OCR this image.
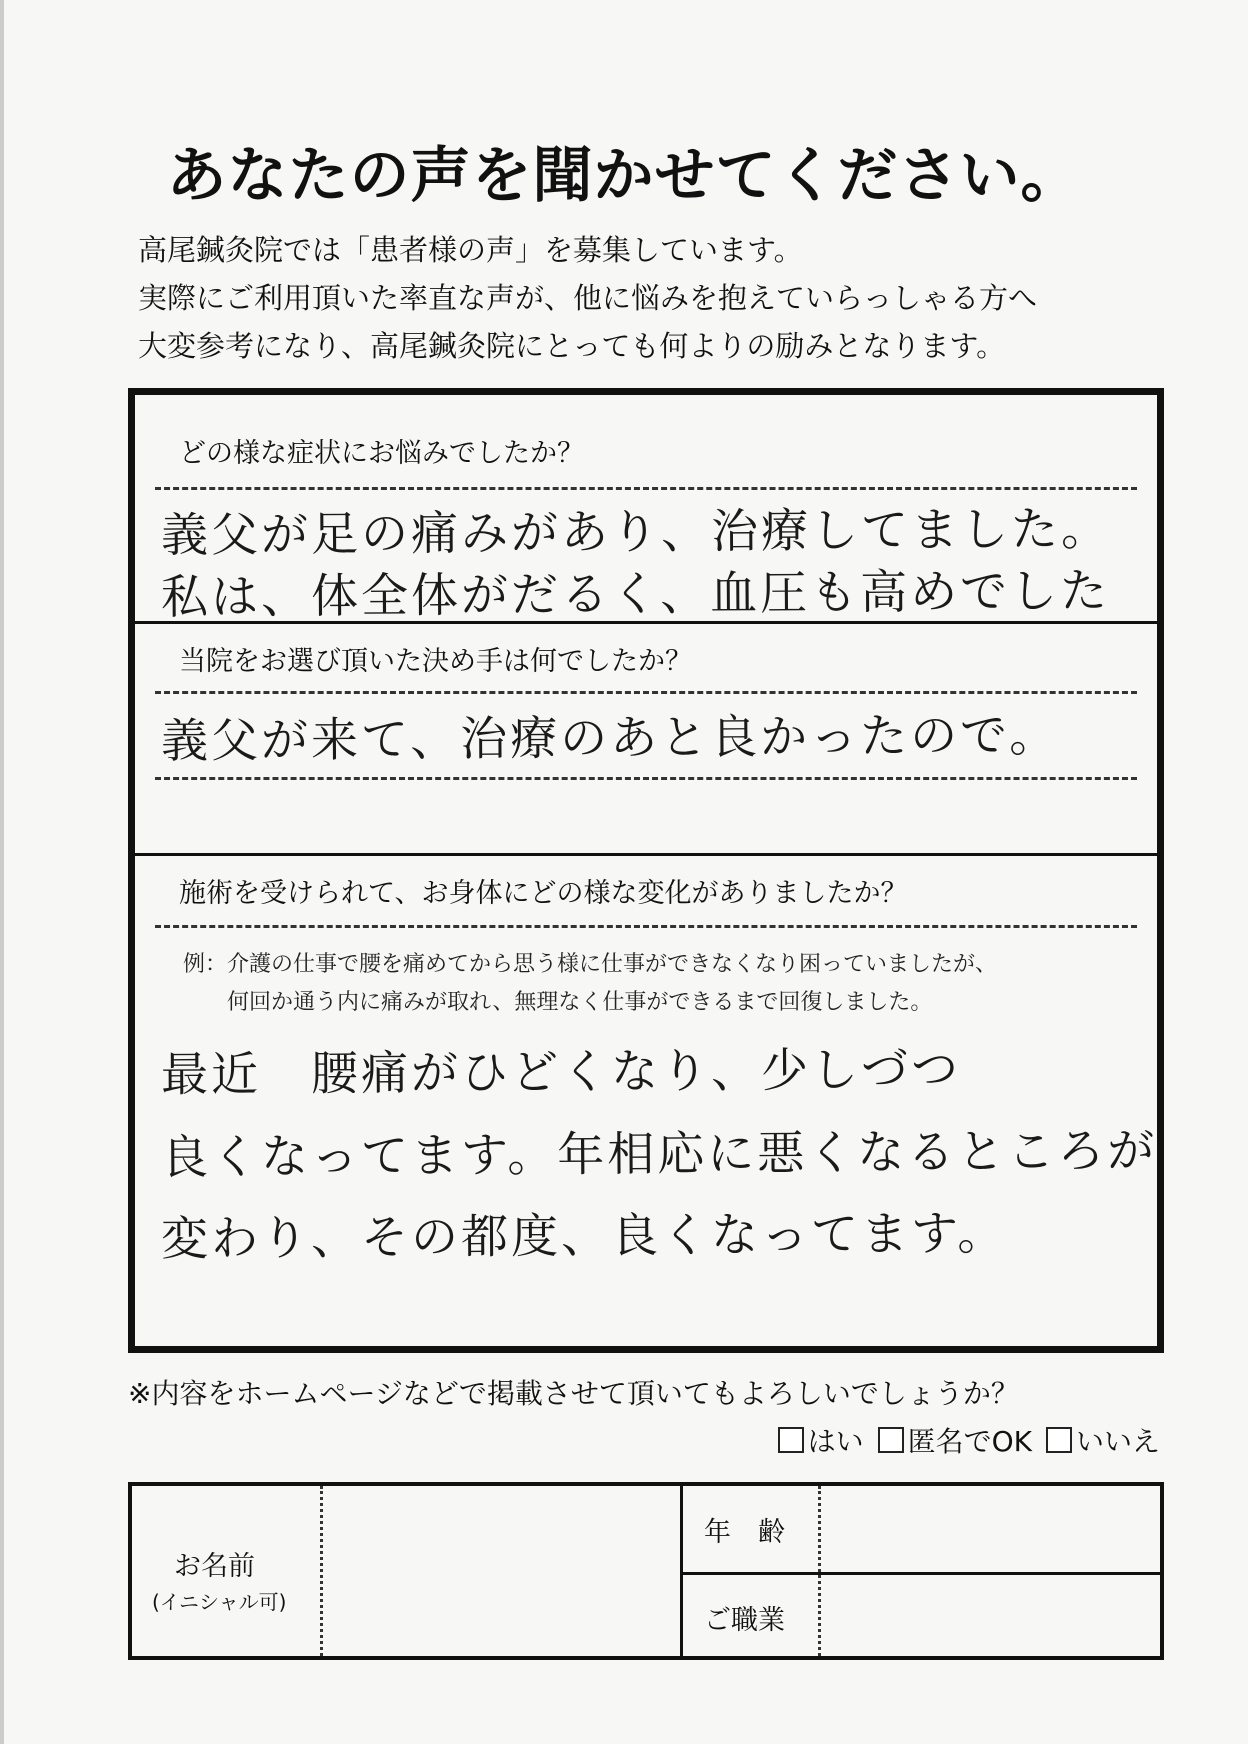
あなたの声を聞かせてください。
高尾鍼灸院では「患者様の声」を募集しています。
実際にご利用頂いた率直な声が、他に悩みを抱えていらっしゃる方へ
大変参考になり、高尾鍼灸院にとっても何よりの励みとなります。
どの様な症状にお悩みでしたか？
義父が足の痛みがあり、治療してました。
私は、体全体がだるく、血圧も高めでした
当院をお選び頂いた決め手は何でしたか？
義父が来て、治療のあと良かったので。
施術を受けられて、お身体にどの様な変化がありましたか？
例：介護の仕事で腰を痛めてから思う様に仕事ができなくなり困っていましたが、
何回か通う内に痛みが取れ、無理なく仕事ができるまで回復しました。
最近　腰痛がひどくなり、少しづつ
良くなってます。年相応に悪くなるところが
変わり、その都度、良くなってます。
※内容をホームページなどで掲載させて頂いてもよろしいでしょうか？
はい 匿名でOK いいえ
お名前
(イニシャル可)
年　齢
ご職業
